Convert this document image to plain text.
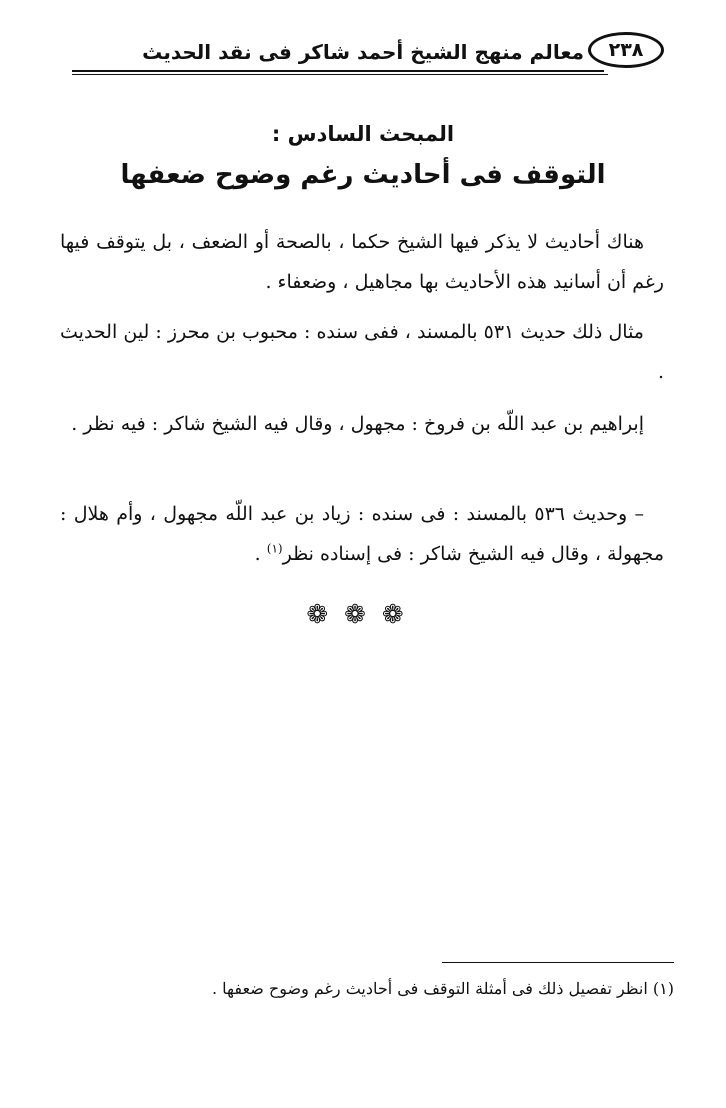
٢٣٨
معالم منهج الشيخ أحمد شاكر فى نقد الحديث
المبحث السادس :
التوقف فى أحاديث رغم وضوح ضعفها
هناك أحاديث لا يذكر فيها الشيخ حكما ، بالصحة أو الضعف ، بل يتوقف فيها رغم أن أسانيد هذه الأحاديث بها مجاهيل ، وضعفاء .
مثال ذلك حديث ٥٣١ بالمسند ، ففى سنده : محبوب بن محرز : لين الحديث .
إبراهيم بن عبد اللّه بن فروخ : مجهول ، وقال فيه الشيخ شاكر : فيه نظر .
– وحديث ٥٣٦ بالمسند : فى سنده : زياد بن عبد اللّه مجهول ، وأم هلال : مجهولة ، وقال فيه الشيخ شاكر : فى إسناده نظر$^{(١)}$ .
❁❁❁
(١) انظر تفصيل ذلك فى أمثلة التوقف فى أحاديث رغم وضوح ضعفها .
